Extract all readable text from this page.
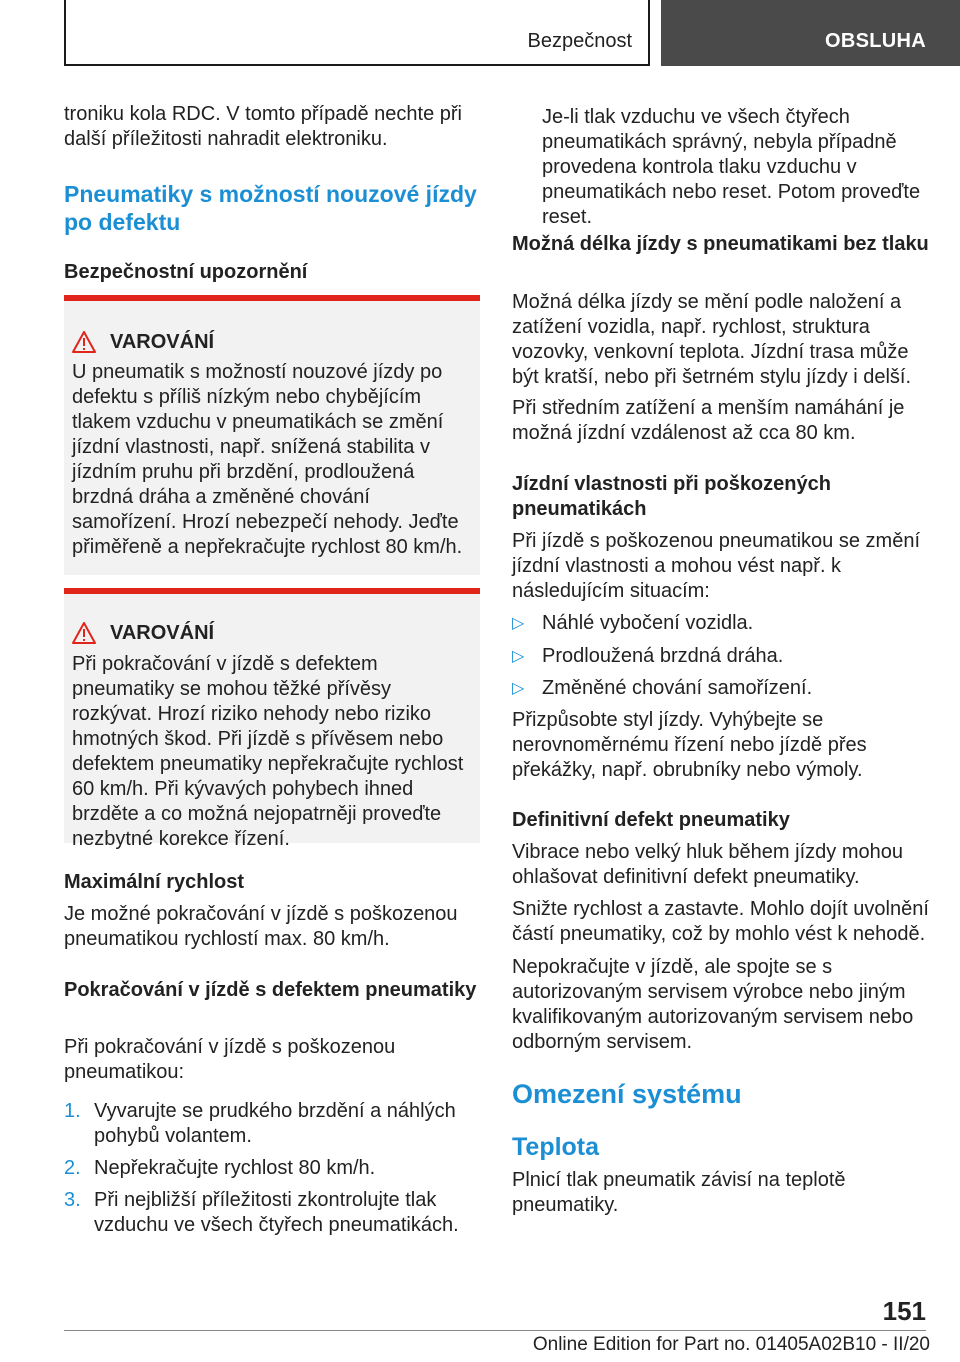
Bezpečnost	OBSLUHA

troniku kola RDC. V tomto případě nechte při další příležitosti nahradit elektroniku.

Pneumatiky s možností nouzové jízdy po defektu
Bezpečnostní upozornění
VAROVÁNÍ
U pneumatik s možností nouzové jízdy po defektu s příliš nízkým nebo chybějícím tlakem vzduchu v pneumatikách se změní jízdní vlastnosti, např. snížená stabilita v jízdním pruhu při brzdění, prodloužená brzdná dráha a změněné chování samořízení. Hrozí nebezpečí nehody. Jeďte přiměřeně a nepřekračujte rychlost 80 km/h.
VAROVÁNÍ
Při pokračování v jízdě s defektem pneumatiky se mohou těžké přívěsy rozkývat. Hrozí riziko nehody nebo riziko hmotných škod. Při jízdě s přívěsem nebo defektem pneumatiky nepřekračujte rychlost 60 km/h. Při kývavých pohybech ihned brzděte a co možná nejopatrněji proveďte nezbytné korekce řízení.
Maximální rychlost

Je možné pokračování v jízdě s poškozenou pneumatikou rychlostí max. 80 km/h.

Pokračování v jízdě s defektem pneumatiky

Při pokračování v jízdě s poškozenou pneumatikou:

1. Vyvarujte se prudkého brzdění a náhlých pohybů volantem.
2. Nepřekračujte rychlost 80 km/h.
3. Při nejbližší příležitosti zkontrolujte tlak vzduchu ve všech čtyřech pneumatikách.

Je-li tlak vzduchu ve všech čtyřech pneumatikách správný, nebyla případně provedena kontrola tlaku vzduchu v pneumatikách nebo reset. Potom proveďte reset.

Možná délka jízdy s pneumatikami bez tlaku

Možná délka jízdy se mění podle naložení a zatížení vozidla, např. rychlost, struktura vozovky, venkovní teplota. Jízdní trasa může být kratší, nebo při šetrném stylu jízdy i delší.

Při středním zatížení a menším namáhání je možná jízdní vzdálenost až cca 80 km.

Jízdní vlastnosti při poškozených pneumatikách

Při jízdě s poškozenou pneumatikou se změní jízdní vlastnosti a mohou vést např. k následujícím situacím:

▷ Náhlé vybočení vozidla.
▷ Prodloužená brzdná dráha.
▷ Změněné chování samořízení.

Přizpůsobte styl jízdy. Vyhýbejte se nerovnoměrnému řízení nebo jízdě přes překážky, např. obrubníky nebo výmoly.

Definitivní defekt pneumatiky

Vibrace nebo velký hluk během jízdy mohou ohlašovat definitivní defekt pneumatiky.

Snižte rychlost a zastavte. Mohlo dojít uvolnění částí pneumatiky, což by mohlo vést k nehodě.

Nepokračujte v jízdě, ale spojte se s autorizovaným servisem výrobce nebo jiným kvalifikovaným autorizovaným servisem nebo odborným servisem.

Omezení systému
Teplota

Plnicí tlak pneumatik závisí na teplotě pneumatiky.

151
Online Edition for Part no. 01405A02B10 - II/20
